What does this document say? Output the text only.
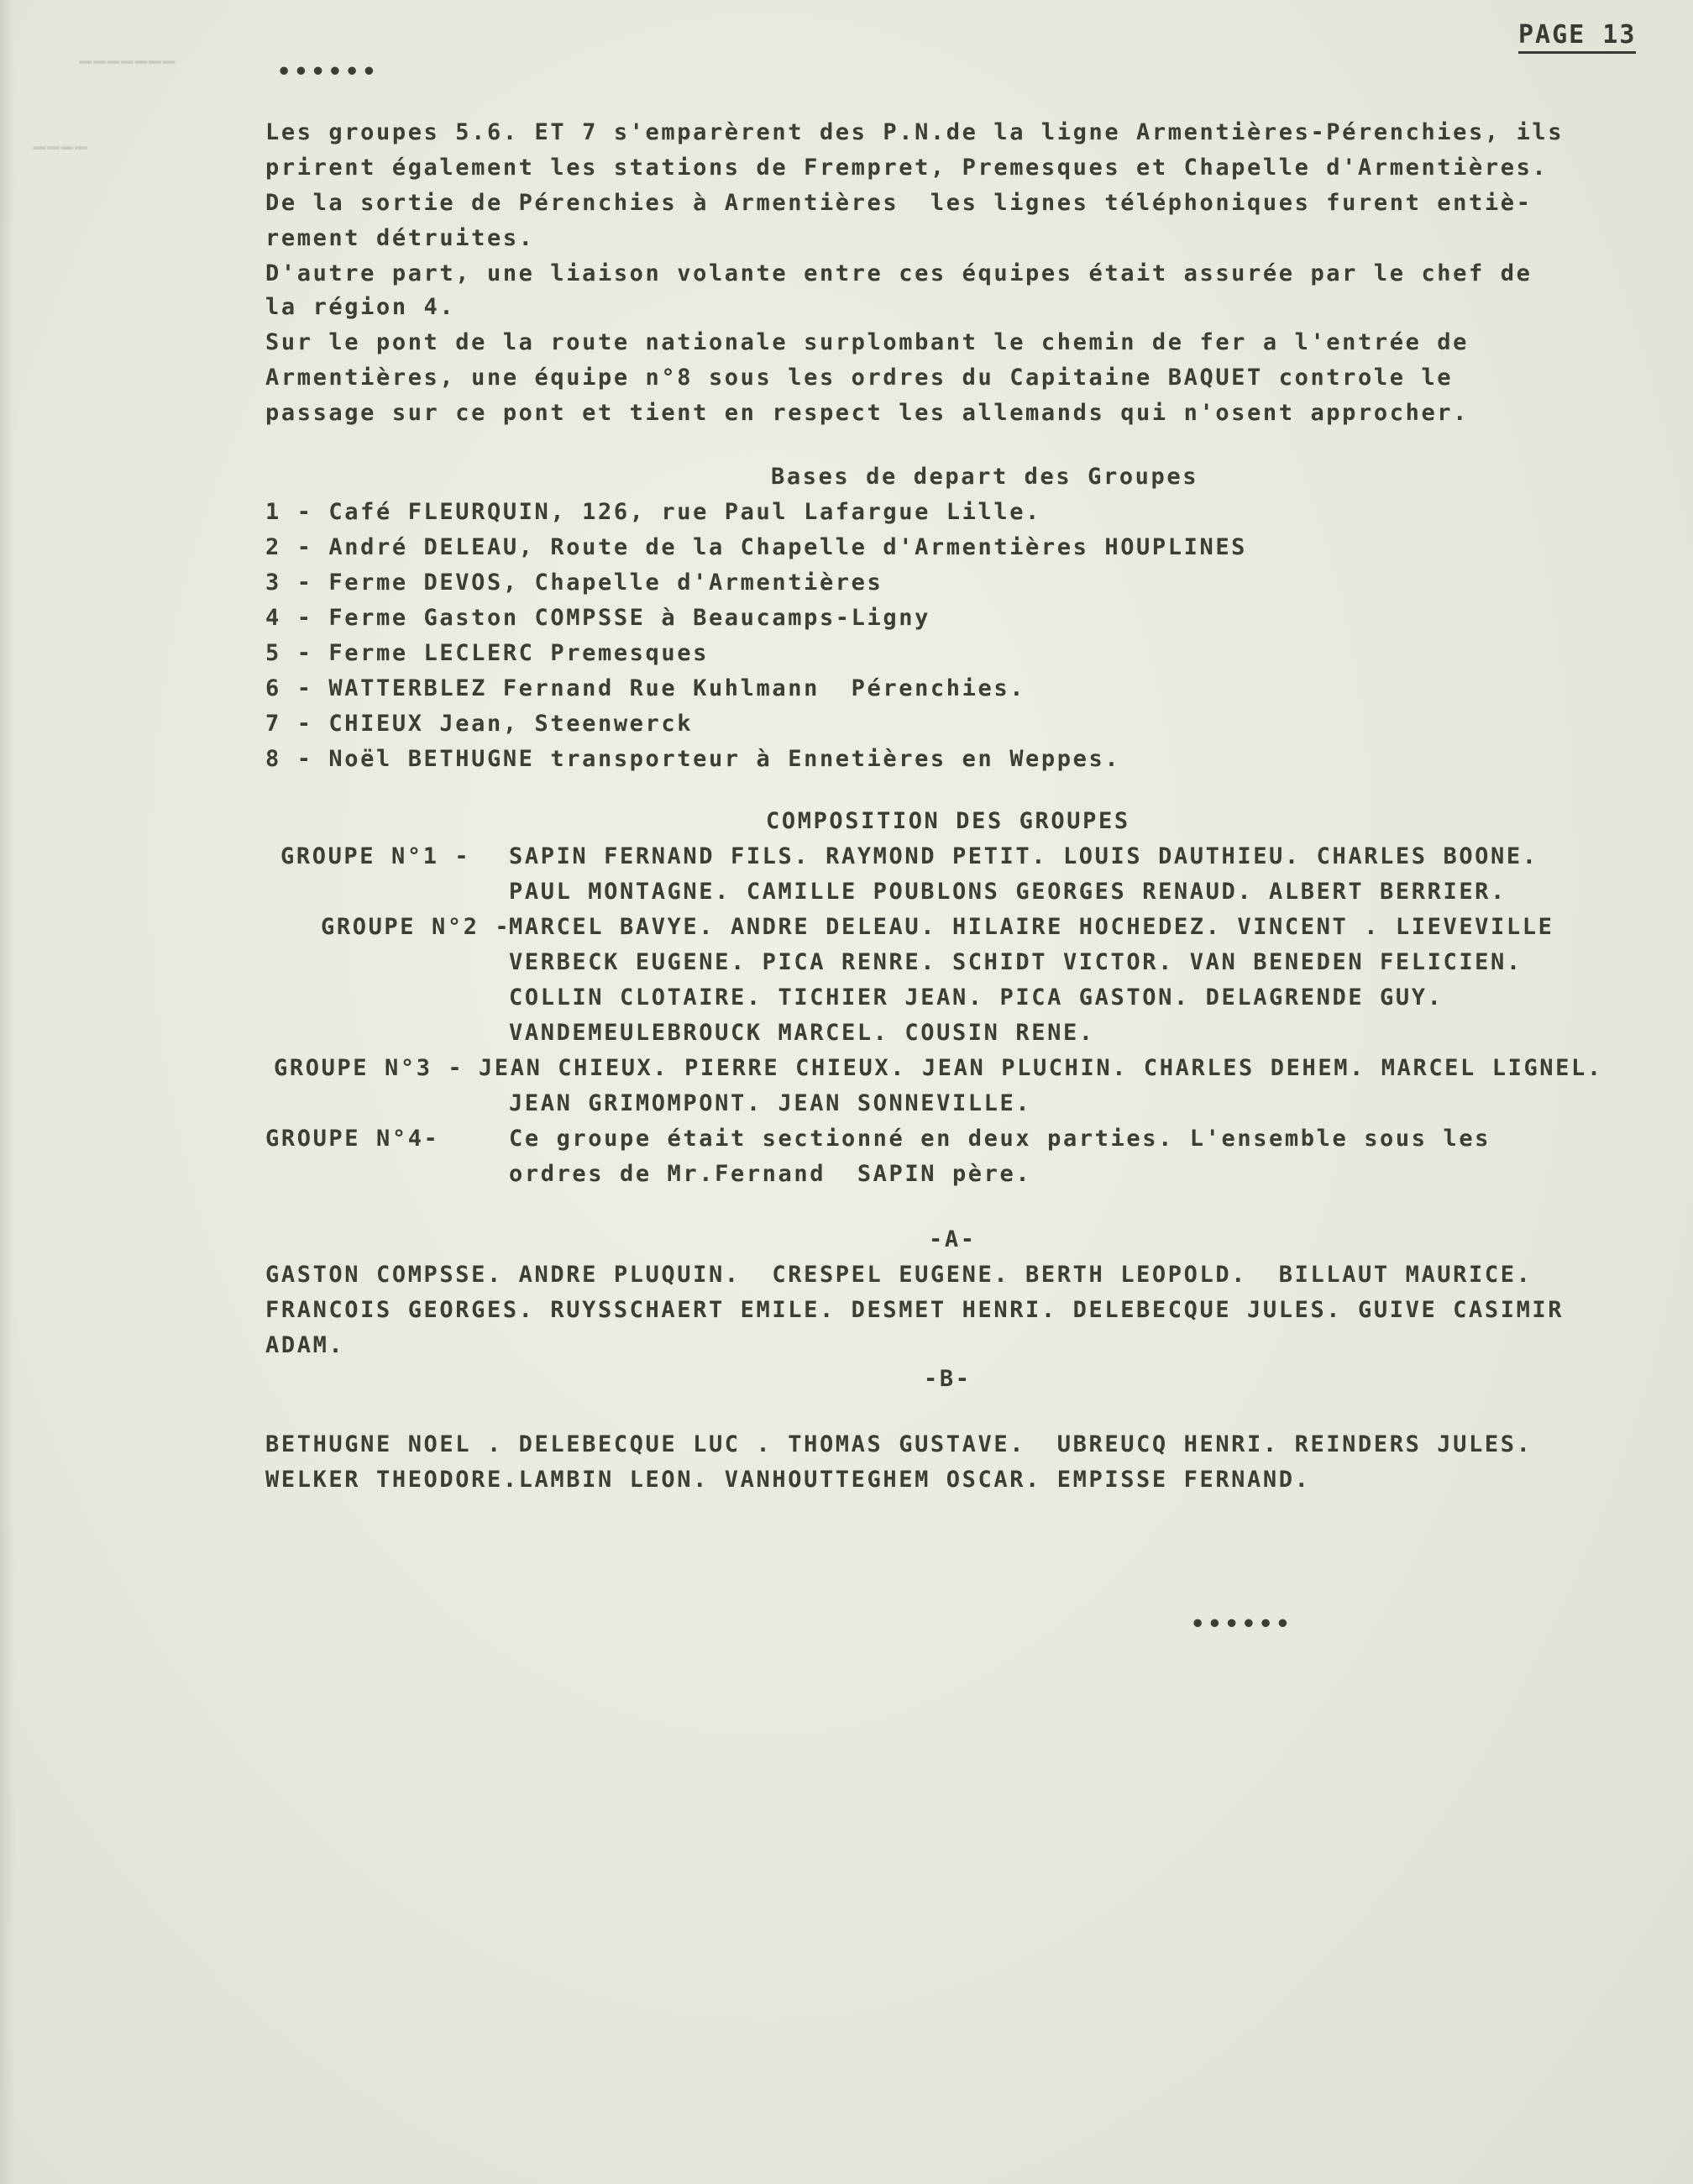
▁▁▁▁▁▁▁
▁▁▁▁
PAGE 13
••••••
Les groupes 5.6. ET 7 s'emparèrent des P.N.de la ligne Armentières-Pérenchies, ils
prirent également les stations de Frempret, Premesques et Chapelle d'Armentières.
De la sortie de Pérenchies à Armentières  les lignes téléphoniques furent entiè-
rement détruites.
D'autre part, une liaison volante entre ces équipes était assurée par le chef de
la région 4.
Sur le pont de la route nationale surplombant le chemin de fer a l'entrée de
Armentières, une équipe n°8 sous les ordres du Capitaine BAQUET controle le
passage sur ce pont et tient en respect les allemands qui n'osent approcher.
Bases de depart des Groupes
1 - Café FLEURQUIN, 126, rue Paul Lafargue Lille.
2 - André DELEAU, Route de la Chapelle d'Armentières HOUPLINES
3 - Ferme DEVOS, Chapelle d'Armentières
4 - Ferme Gaston COMPSSE à Beaucamps-Ligny
5 - Ferme LECLERC Premesques
6 - WATTERBLEZ Fernand Rue Kuhlmann  Pérenchies.
7 - CHIEUX Jean, Steenwerck
8 - Noël BETHUGNE transporteur à Ennetières en Weppes.
COMPOSITION DES GROUPES
GROUPE N°1 - SAPIN FERNAND FILS. RAYMOND PETIT. LOUIS DAUTHIEU. CHARLES BOONE.
PAUL MONTAGNE. CAMILLE POUBLONS GEORGES RENAUD. ALBERT BERRIER.
GROUPE N°2 -
MARCEL BAVYE. ANDRE DELEAU. HILAIRE HOCHEDEZ. VINCENT . LIEVEVILLE
VERBECK EUGENE. PICA RENRE. SCHIDT VICTOR. VAN BENEDEN FELICIEN.
COLLIN CLOTAIRE. TICHIER JEAN. PICA GASTON. DELAGRENDE GUY.
VANDEMEULEBROUCK MARCEL. COUSIN RENE.
GROUPE N°3 - JEAN CHIEUX. PIERRE CHIEUX. JEAN PLUCHIN. CHARLES DEHEM. MARCEL LIGNEL.
JEAN GRIMOMPONT. JEAN SONNEVILLE.
GROUPE N°4-	Ce groupe était sectionné en deux parties. L'ensemble sous les
ordres de Mr.Fernand  SAPIN père.
-A-
GASTON COMPSSE. ANDRE PLUQUIN.  CRESPEL EUGENE. BERTH LEOPOLD.  BILLAUT MAURICE.
FRANCOIS GEORGES. RUYSSCHAERT EMILE. DESMET HENRI. DELEBECQUE JULES. GUIVE CASIMIR
ADAM.
-B-
BETHUGNE NOEL . DELEBECQUE LUC . THOMAS GUSTAVE.  UBREUCQ HENRI. REINDERS JULES.
WELKER THEODORE.LAMBIN LEON. VANHOUTTEGHEM OSCAR. EMPISSE FERNAND.
••••••
